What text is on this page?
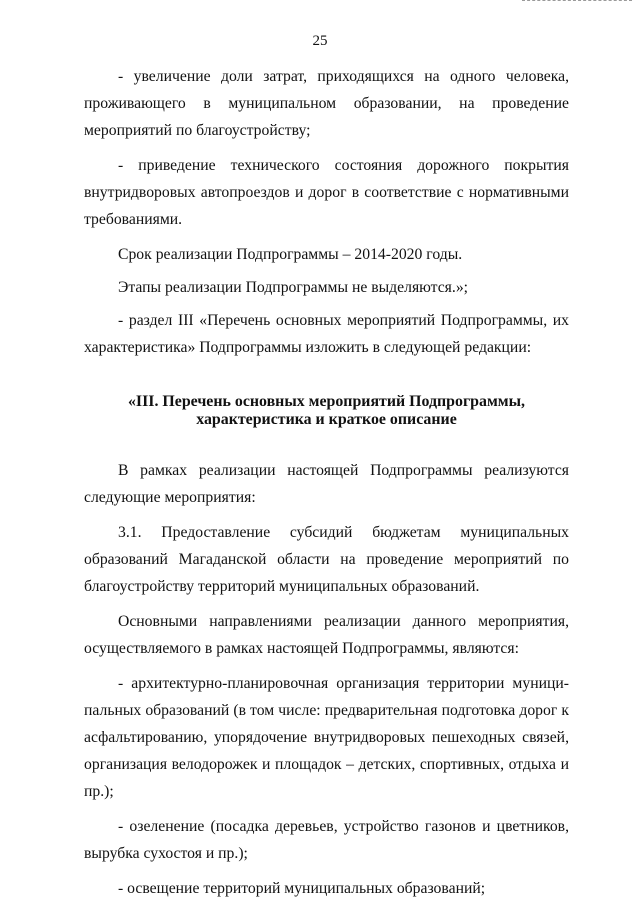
25

- увеличение доли затрат, приходящихся на одного человека, проживающего в муниципальном образовании, на проведение мероприятий по благоустройству;

- приведение технического состояния дорожного покрытия внутридворовых автопроездов и дорог в соответствие с нормативными требованиями.

Срок реализации Подпрограммы – 2014-2020 годы.

Этапы реализации Подпрограммы не выделяются.»;

- раздел III «Перечень основных мероприятий Подпрограммы, их характеристика» Подпрограммы изложить в следующей редакции:

«III. Перечень основных мероприятий Подпрограммы,
характеристика и краткое описание

В рамках реализации настоящей Подпрограммы реализуются следующие мероприятия:

3.1. Предоставление субсидий бюджетам муниципальных образований Магаданской области на проведение мероприятий по благоустройству территорий муниципальных образований.

Основными направлениями реализации данного мероприятия, осуществляемого в рамках настоящей Подпрограммы, являются:

- архитектурно-планировочная организация территории муници-пальных образований (в том числе: предварительная подготовка дорог к асфальтированию, упорядочение внутридворовых пешеходных связей, организация велодорожек и площадок – детских, спортивных, отдыха и пр.);

- озеленение (посадка деревьев, устройство газонов и цветников, вырубка сухостоя и пр.);

- освещение территорий муниципальных образований;
